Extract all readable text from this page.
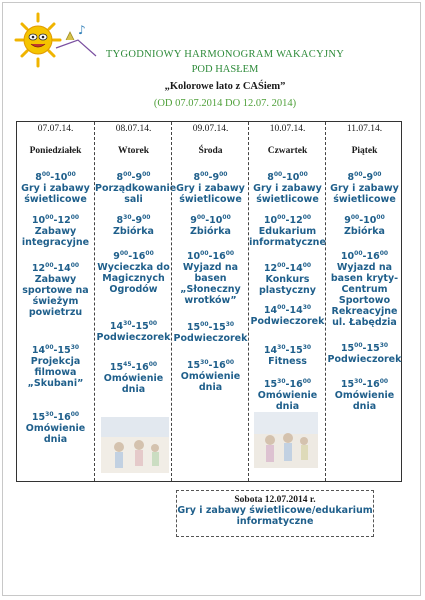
♪
TYGODNIOWY HARMONOGRAM WAKACYJNY
POD HASŁEM
„Kolorowe lato z CAŚiem”
(OD 07.07.2014 DO 12.07. 2014)
07.07.14.
Poniedziałek
$8^{00}-10^{00}$
Gry i zabawy świetlicowe
$10^{00}-12^{00}$
Zabawy integracyjne
$12^{00}-14^{00}$
Zabawy sportowe na świeżym powietrzu
$14^{00}-15^{30}$
Projekcja filmowa „Skubani”
$15^{30}-16^{00}$
Omówienie dnia
08.07.14.
Wtorek
$8^{00}-9^{00}$
Porządkowanie sali
$8^{30}-9^{00}$
Zbiórka
$9^{00}-16^{00}$
Wycieczka do Magicznych Ogrodów
$14^{30}-15^{00}$
Podwieczorek
$15^{45}-16^{00}$
Omówienie dnia
09.07.14.
Środa
$8^{00}-9^{00}$
Gry i zabawy świetlicowe
$9^{00}-10^{00}$
Zbiórka
$10^{00}-16^{00}$
Wyjazd na basen „Słoneczny wrotków”
$15^{00}-15^{30}$
Podwieczorek
$15^{30}-16^{00}$
Omówienie dnia
10.07.14.
Czwartek
$8^{00}-10^{00}$
Gry i zabawy świetlicowe
$10^{00}-12^{00}$
Edukarium informatyczne
$12^{00}-14^{00}$
Konkurs plastyczny
$14^{00}-14^{30}$
Podwieczorek
$14^{30}-15^{30}$
Fitness
$15^{30}-16^{00}$
Omówienie dnia
11.07.14.
Piątek
$8^{00}-9^{00}$
Gry i zabawy świetlicowe
$9^{00}-10^{00}$
Zbiórka
$10^{00}-16^{00}$
Wyjazd na basen kryty-Centrum Sportowo Rekreacyjne ul. Łabędzia
$15^{00}-15^{30}$
Podwieczorek
$15^{30}-16^{00}$
Omówienie dnia
Sobota 12.07.2014 r.
Gry i zabawy świetlicowe/edukarium informatyczne
